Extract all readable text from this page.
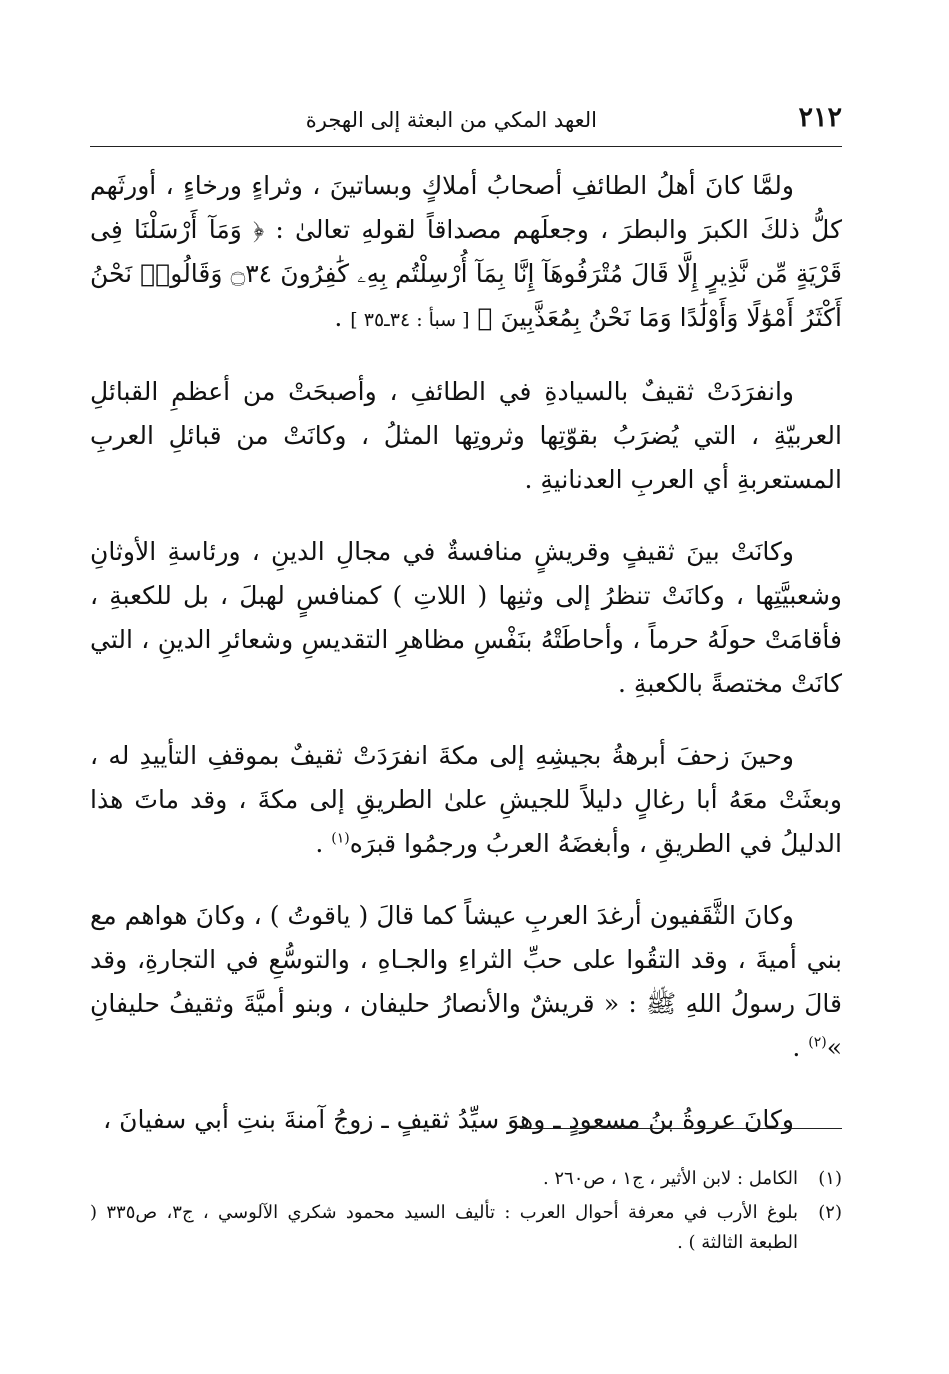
٢١٢
العهد المكي من البعثة إلى الهجرة

ولمَّا كانَ أهلُ الطائفِ أصحابُ أملاكٍ وبساتينَ ، وثراءٍ ورخاءٍ ، أورثَهم كلُّ ذلكَ الكبرَ والبطرَ ، وجعلَهم مصداقاً لقولهِ تعالىٰ : ﴿ وَمَآ أَرْسَلْنَا فِى قَرْيَةٍ مِّن نَّذِيرٍ إِلَّا قَالَ مُتْرَفُوهَآ إِنَّا بِمَآ أُرْسِلْتُم بِهِۦ كَٰفِرُونَ ۝٣٤ وَقَالُوا۟ نَحْنُ أَكْثَرُ أَمْوَٰلًا وَأَوْلَٰدًا وَمَا نَحْنُ بِمُعَذَّبِينَ ﴾ [ سبأ : ٣٤ـ٣٥ ] .

وانفرَدَتْ ثقيفٌ بالسيادةِ في الطائفِ ، وأصبحَتْ من أعظمِ القبائلِ العربيّةِ ، التي يُضرَبُ بقوّتِها وثروتِها المثلُ ، وكانَتْ من قبائلِ العربِ المستعربةِ أي العربِ العدنانيةِ .

وكانَتْ بينَ ثقيفٍ وقريشٍ منافسةٌ في مجالِ الدينِ ، ورئاسةِ الأوثانِ وشعبيَّتِها ، وكانَتْ تنظرُ إلى وثنِها ( اللاتِ ) كمنافسٍ لهبلَ ، بل للكعبةِ ، فأقامَتْ حولَهُ حرماً ، وأحاطَتْهُ بنَفْسِ مظاهرِ التقديسِ وشعائرِ الدينِ ، التي كانَتْ مختصةً بالكعبةِ .

وحينَ زحفَ أبرهةُ بجيشِهِ إلى مكةَ انفرَدَتْ ثقيفٌ بموقفِ التأييدِ له ، وبعثَتْ معَهُ أبا رغالٍ دليلاً للجيشِ علىٰ الطريقِ إلى مكةَ ، وقد ماتَ هذا الدليلُ في الطريقِ ، وأبغضَهُ العربُ ورجمُوا قبرَه$^{(١)}$ .

وكانَ الثَّقَفيون أرغدَ العربِ عيشاً كما قالَ ( ياقوتُ ) ، وكانَ هواهم مع بني أميةَ ، وقد التقُوا على حبِّ الثراءِ والجـاهِ ، والتوسُّعِ في التجارةِ، وقد قالَ رسولُ اللهِ ﷺ : « قريشٌ والأنصارُ حليفان ، وبنو أميَّةَ وثقيفُ حليفانِ »$^{(٢)}$ .

وكانَ عروةُ بنُ مسعودٍ ـ وهوَ سيِّدُ ثقيفٍ ـ زوجُ آمنةَ بنتِ أبي سفيانَ ،

(١)
الكامل : لابن الأثير ، ج١ ، ص٢٦٠ .
(٢)
بلوغ الأرب في معرفة أحوال العرب : تأليف السيد محمود شكري الآلوسي ، ج٣، ص٣٣٥ ( الطبعة الثالثة ) .
